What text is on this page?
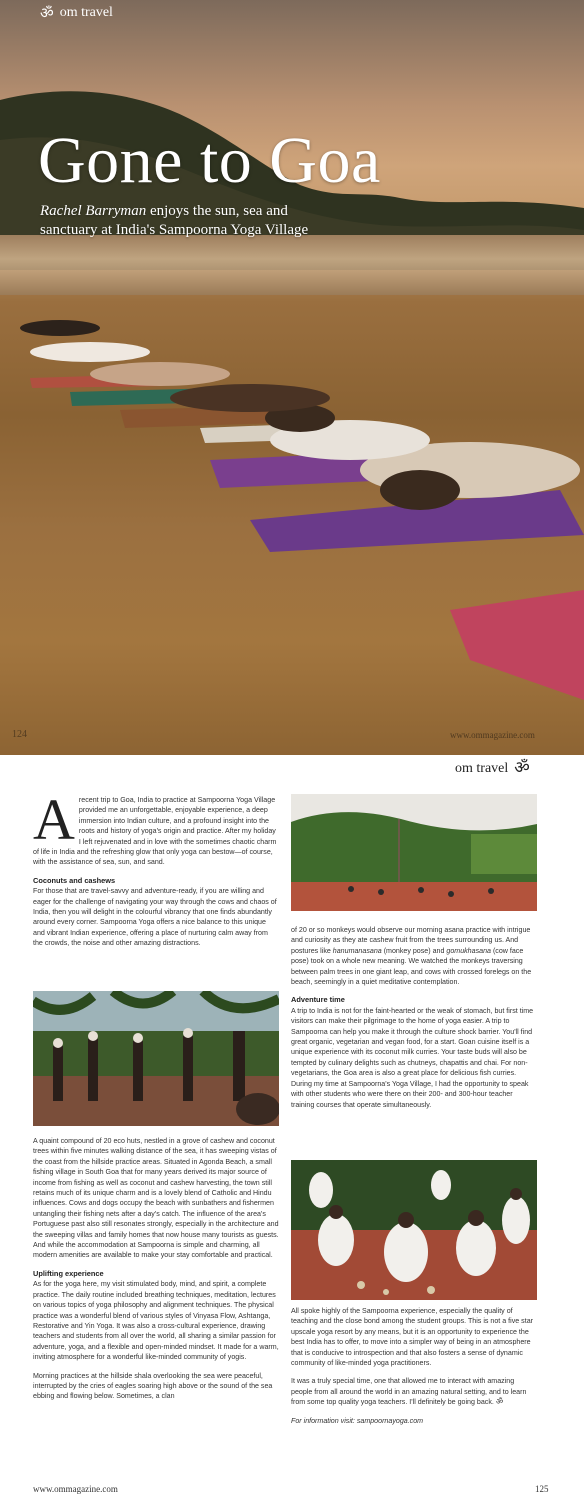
ॐ om travel
Gone to Goa
Rachel Barryman enjoys the sun, sea and sanctuary at India's Sampoorna Yoga Village
124	www.ommagazine.com
om travel ॐ

Arecent trip to Goa, India to practice at Sampoorna Yoga Village provided me an unforgettable, enjoyable experience, a deep immersion into Indian culture, and a profound insight into the roots and history of yoga's origin and practice. After my holiday I left rejuvenated and in love with the sometimes chaotic charm of life in India and the refreshing glow that only yoga can bestow—of course, with the assistance of sea, sun, and sand.

Coconuts and cashews

For those that are travel-savvy and adventure-ready, if you are willing and eager for the challenge of navigating your way through the cows and chaos of India, then you will delight in the colourful vibrancy that one finds abundantly around every corner. Sampoorna Yoga offers a nice balance to this unique and vibrant Indian experience, offering a place of nurturing calm away from the crowds, the noise and other amazing distractions.

A quaint compound of 20 eco huts, nestled in a grove of cashew and coconut trees within five minutes walking distance of the sea, it has sweeping vistas of the coast from the hillside practice areas. Situated in Agonda Beach, a small fishing village in South Goa that for many years derived its major source of income from fishing as well as coconut and cashew harvesting, the town still retains much of its unique charm and is a lovely blend of Catholic and Hindu influences. Cows and dogs occupy the beach with sunbathers and fishermen untangling their fishing nets after a day's catch. The influence of the area's Portuguese past also still resonates strongly, especially in the architecture and the sweeping villas and family homes that now house many tourists as guests. And while the accommodation at Sampoorna is simple and charming, all modern amenities are available to make your stay comfortable and practical.

Uplifting experience

As for the yoga here, my visit stimulated body, mind, and spirit, a complete practice. The daily routine included breathing techniques, meditation, lectures on various topics of yoga philosophy and alignment techniques. The physical practice was a wonderful blend of various styles of Vinyasa Flow, Ashtanga, Restorative and Yin Yoga. It was also a cross-cultural experience, drawing teachers and students from all over the world, all sharing a similar passion for adventure, yoga, and a flexible and open-minded mindset. It made for a warm, inviting atmosphere for a wonderful like-minded community of yogis.

Morning practices at the hillside shala overlooking the sea were peaceful, interrupted by the cries of eagles soaring high above or the sound of the sea ebbing and flowing below. Sometimes, a clan

of 20 or so monkeys would observe our morning asana practice with intrigue and curiosity as they ate cashew fruit from the trees surrounding us. And postures like hanumanasana (monkey pose) and gomukhasana (cow face pose) took on a whole new meaning. We watched the monkeys traversing between palm trees in one giant leap, and cows with crossed forelegs on the beach, seemingly in a quiet meditative contemplation.

Adventure time

A trip to India is not for the faint-hearted or the weak of stomach, but first time visitors can make their pilgrimage to the home of yoga easier. A trip to Sampoorna can help you make it through the culture shock barrier. You'll find great organic, vegetarian and vegan food, for a start. Goan cuisine itself is a unique experience with its coconut milk curries. Your taste buds will also be tempted by culinary delights such as chutneys, chapattis and chai. For non-vegetarians, the Goa area is also a great place for delicious fish curries. During my time at Sampoorna's Yoga Village, I had the opportunity to speak with other students who were there on their 200- and 300-hour teacher training courses that operate simultaneously.

All spoke highly of the Sampoorna experience, especially the quality of teaching and the close bond among the student groups. This is not a five star upscale yoga resort by any means, but it is an opportunity to experience the best India has to offer, to move into a simpler way of being in an atmosphere that is conducive to introspection and that also fosters a sense of dynamic community of like-minded yoga practitioners.

It was a truly special time, one that allowed me to interact with amazing people from all around the world in an amazing natural setting, and to learn from some top quality yoga teachers. I'll definitely be going back. ॐ

For information visit: sampoornayoga.com

www.ommagazine.com	125
